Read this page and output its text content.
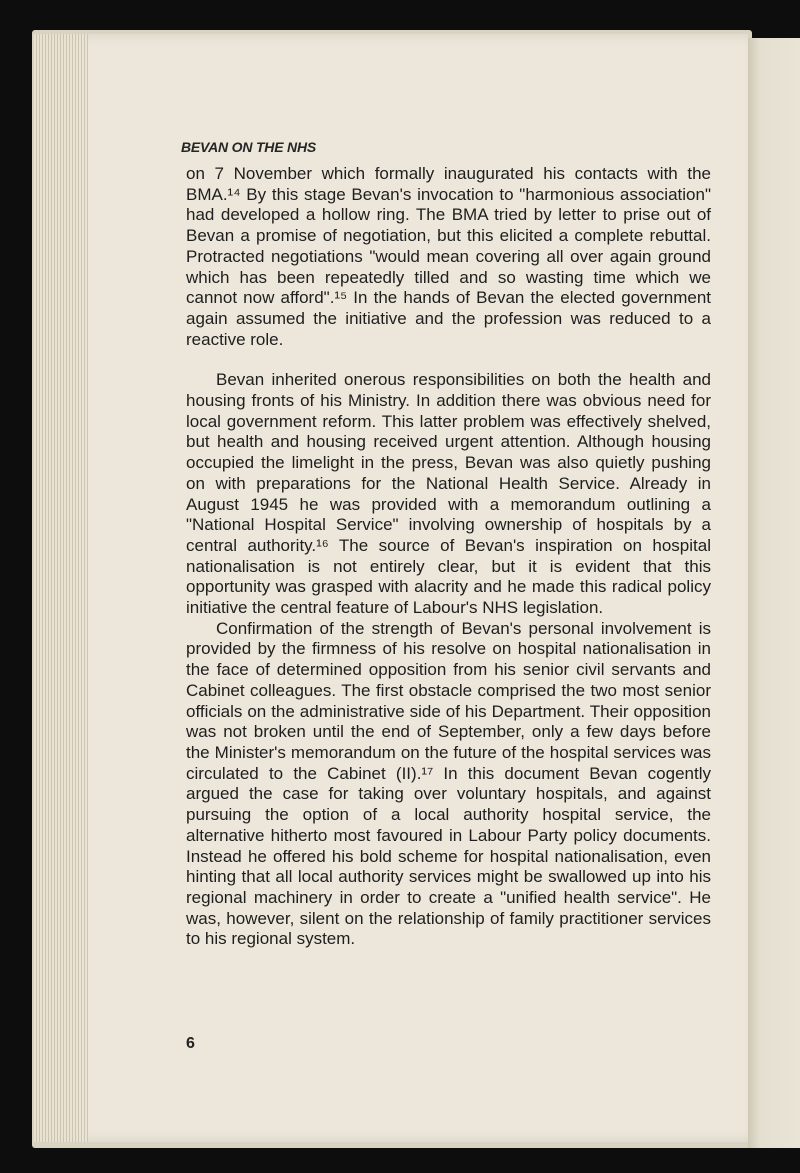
BEVAN ON THE NHS

on 7 November which formally inaugurated his contacts with the BMA.¹⁴ By this stage Bevan's invocation to "harmonious association" had developed a hollow ring. The BMA tried by letter to prise out of Bevan a promise of negotiation, but this elicited a complete rebuttal. Protracted negotiations "would mean covering all over again ground which has been repeatedly tilled and so wasting time which we cannot now afford".¹⁵ In the hands of Bevan the elected government again assumed the initiative and the profession was reduced to a reactive role.

Bevan inherited onerous responsibilities on both the health and housing fronts of his Ministry. In addition there was obvious need for local government reform. This latter problem was effectively shelved, but health and housing received urgent attention. Although housing occupied the limelight in the press, Bevan was also quietly pushing on with preparations for the National Health Service. Already in August 1945 he was provided with a memorandum outlining a "National Hospital Service" involving ownership of hospitals by a central authority.¹⁶ The source of Bevan's inspiration on hospital nationalisation is not entirely clear, but it is evident that this opportunity was grasped with alacrity and he made this radical policy initiative the central feature of Labour's NHS legislation.

Confirmation of the strength of Bevan's personal involvement is provided by the firmness of his resolve on hospital nationalisation in the face of determined opposition from his senior civil servants and Cabinet colleagues. The first obstacle comprised the two most senior officials on the administrative side of his Department. Their opposition was not broken until the end of September, only a few days before the Minister's memorandum on the future of the hospital services was circulated to the Cabinet (II).¹⁷ In this document Bevan cogently argued the case for taking over voluntary hospitals, and against pursuing the option of a local authority hospital service, the alternative hitherto most favoured in Labour Party policy documents. Instead he offered his bold scheme for hospital nationalisation, even hinting that all local authority services might be swallowed up into his regional machinery in order to create a "unified health service". He was, however, silent on the relationship of family practitioner services to his regional system.

6
